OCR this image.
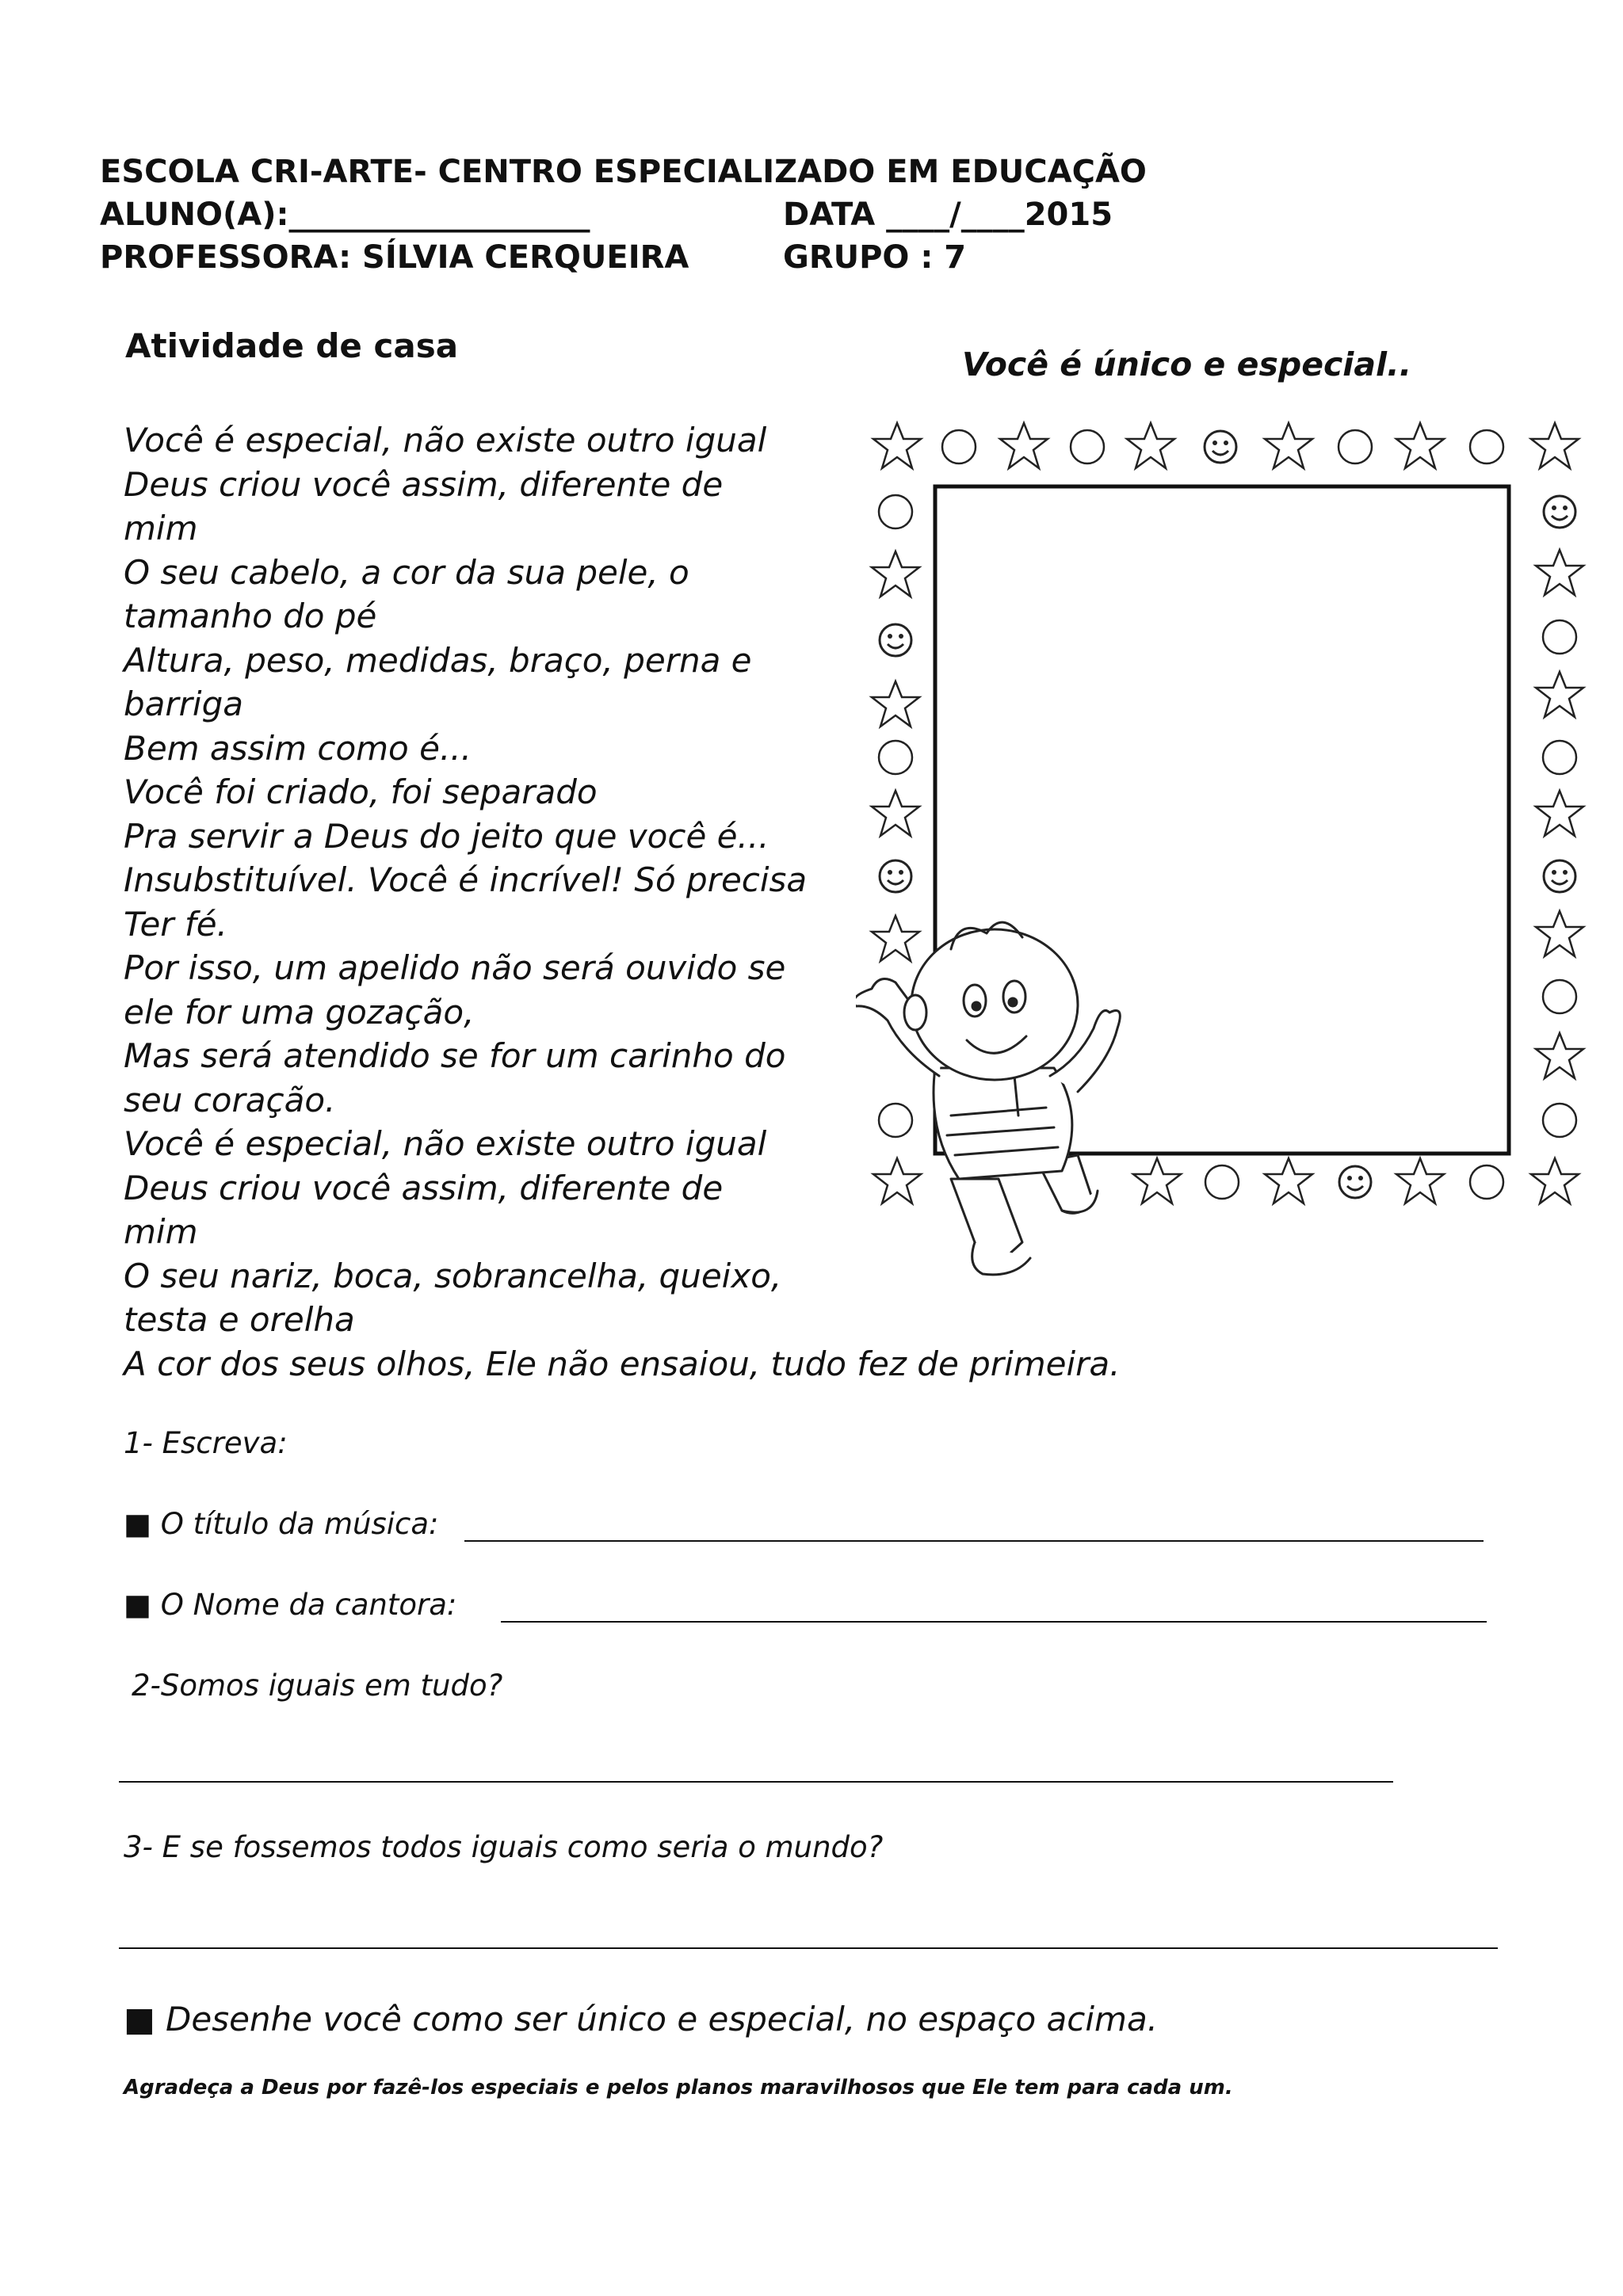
ESCOLA CRI-ARTE- CENTRO ESPECIALIZADO EM EDUCAÇÃO
ALUNO(A):___________________
PROFESSORA: SÍLVIA CERQUEIRA
DATA ____/____2015
GRUPO : 7
Atividade de casa	Você é único e especial..
Você é especial, não existe outro igual
Deus criou você assim, diferente de
mim
O seu cabelo, a cor da sua pele, o
tamanho do pé
Altura, peso, medidas, braço, perna e
barriga
Bem assim como é...
Você foi criado, foi separado
Pra servir a Deus do jeito que você é...
Insubstituível. Você é incrível! Só precisa
Ter fé.
Por isso, um apelido não será ouvido se
ele for uma gozação,
Mas será atendido se for um carinho do
seu coração.
Você é especial, não existe outro igual
Deus criou você assim, diferente de
mim
O seu nariz, boca, sobrancelha, queixo,
testa e orelha
A cor dos seus olhos, Ele não ensaiou, tudo fez de primeira.
1- Escreva:
■ O título da música:
■ O Nome da cantora:
2-Somos iguais em tudo?
3- E se fossemos todos iguais como seria o mundo?
■ Desenhe você como ser único e especial, no espaço acima.
Agradeça a Deus por fazê-los especiais e pelos planos maravilhosos que Ele tem para cada um.
